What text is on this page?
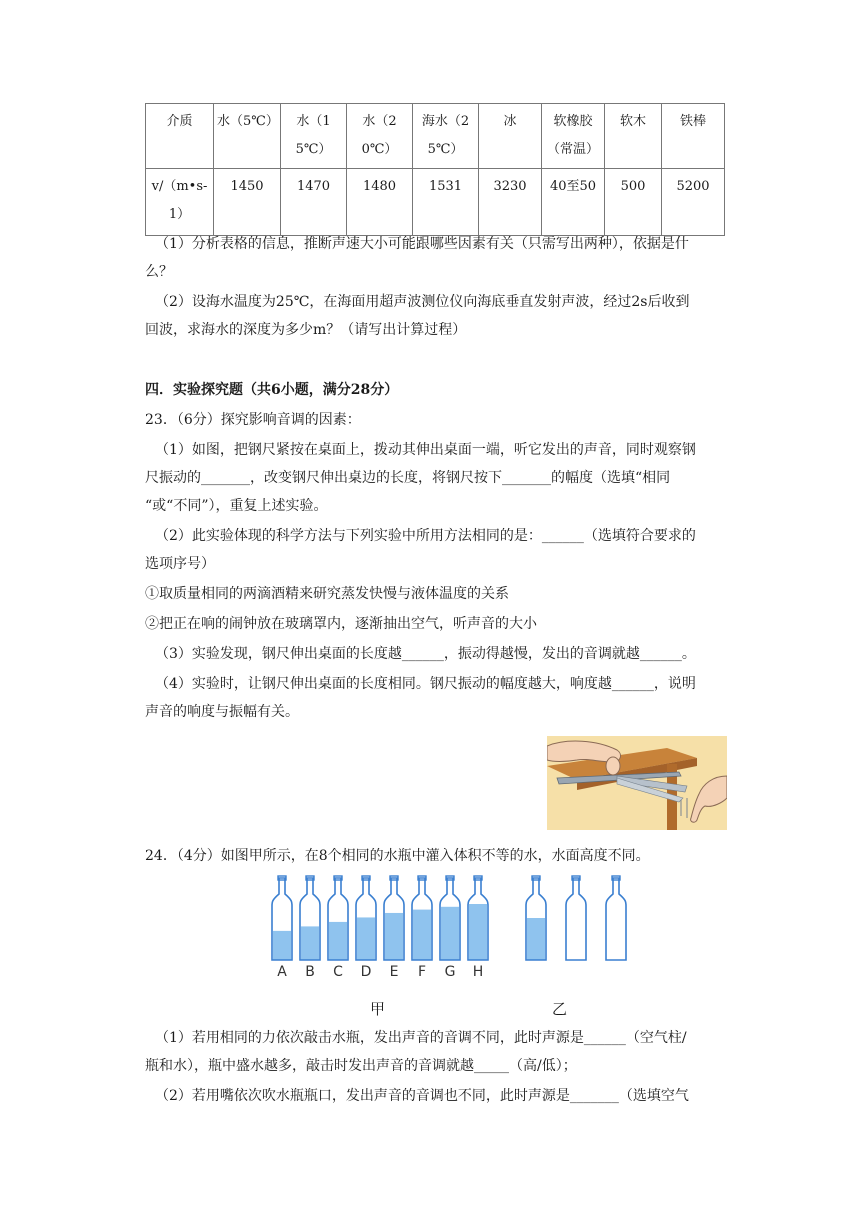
介质	水（5℃）	水（15℃）	水（20℃）	海水（25℃）	冰	软橡胶（常温）	软木	铁棒
v/（m•s-1）	1450	1470	1480	1531	3230	40至50	500	5200
（1）分析表格的信息，推断声速大小可能跟哪些因素有关（只需写出两种），依据是什
么？
（2）设海水温度为25℃，在海面用超声波测位仪向海底垂直发射声波，经过2s后收到
回波，求海水的深度为多少m？（请写出计算过程）
四．实验探究题（共6小题，满分28分）
23．（6分）探究影响音调的因素：
（1）如图，把钢尺紧按在桌面上，拨动其伸出桌面一端，听它发出的声音，同时观察钢
尺振动的_______，改变钢尺伸出桌边的长度，将钢尺按下_______的幅度（选填“相同
“或“不同”），重复上述实验。
（2）此实验体现的科学方法与下列实验中所用方法相同的是：______（选填符合要求的
选项序号）
①取质量相同的两滴酒精来研究蒸发快慢与液体温度的关系
②把正在响的闹钟放在玻璃罩内，逐渐抽出空气，听声音的大小
（3）实验发现，钢尺伸出桌面的长度越______，振动得越慢，发出的音调就越______。
（4）实验时，让钢尺伸出桌面的长度相同。钢尺振动的幅度越大，响度越______，说明
声音的响度与振幅有关。
24．（4分）如图甲所示，在8个相同的水瓶中灌入体积不等的水，水面高度不同。
A B C D E F G H
甲	乙
（1）若用相同的力依次敲击水瓶，发出声音的音调不同，此时声源是______（空气柱/
瓶和水），瓶中盛水越多，敲击时发出声音的音调就越_____（高/低）；
（2）若用嘴依次吹水瓶瓶口，发出声音的音调也不同，此时声源是_______（选填空气
